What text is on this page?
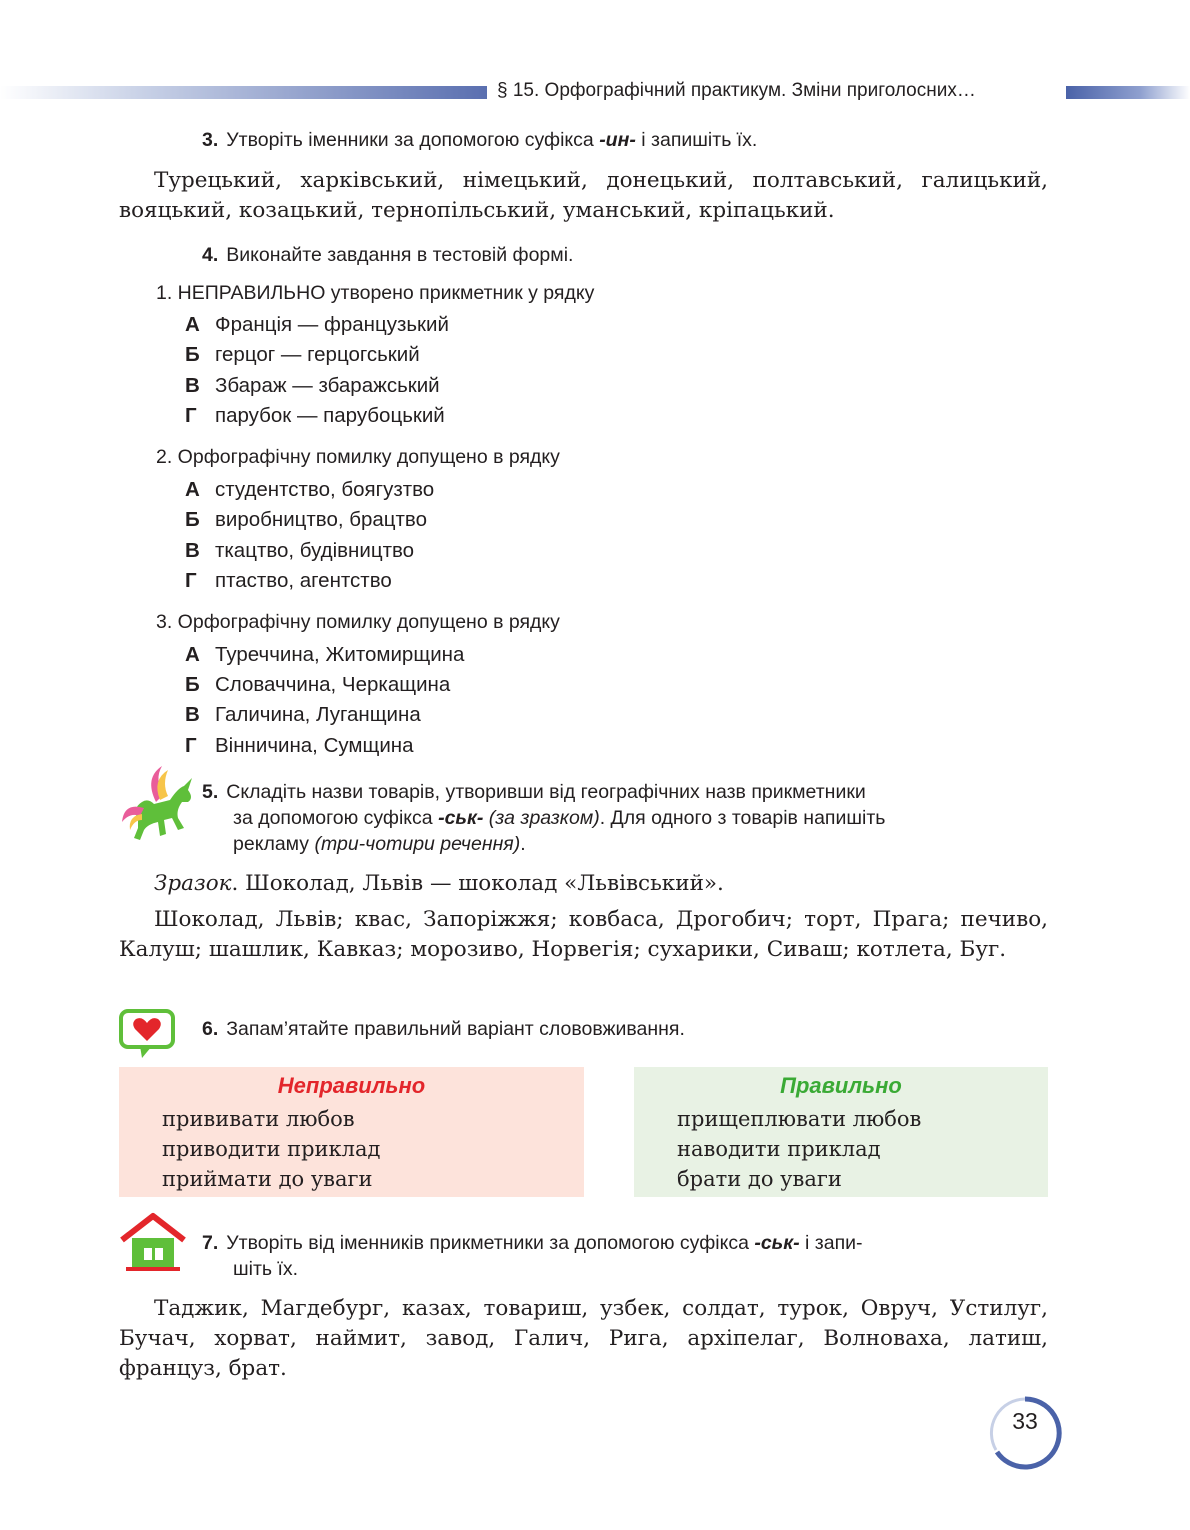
§ 15. Орфографічний практикум. Зміни приголосних…
3. Утворіть іменники за допомогою суфікса -ин- і запишіть їх.
Турецький, харківський, німецький, донецький, полтавський, галицький, вояцький, козацький, тернопільський, уманський, кріпацький.
4. Виконайте завдання в тестовій формі.
1. НЕПРАВИЛЬНО утворено прикметник у рядку
А Франція — французький
Б герцог — герцогський
В Збараж — збаражський
Г парубок — парубоцький
2. Орфографічну помилку допущено в рядку
А студентство, боягузтво
Б виробництво, брацтво
В ткацтво, будівництво
Г птаство, агентство
3. Орфографічну помилку допущено в рядку
А Туреччина, Житомирщина
Б Словаччина, Черкащина
В Галичина, Луганщина
Г Вінничина, Сумщина
5. Складіть назви товарів, утворивши від географічних назв прикметники
за допомогою суфікса -ськ- (за зразком). Для одного з товарів напишіть
рекламу (три-чотири речення).
Зразок. Шоколад, Львів — шоколад «Львівський».
Шоколад, Львів; квас, Запоріжжя; ковбаса, Дрогобич; торт, Прага; печиво, Калуш; шашлик, Кавказ; морозиво, Норвегія; сухарики, Сиваш; котлета, Буг.
6. Запам’ятайте правильний варіант слововживання.
Неправильно
прививати любов
приводити приклад
приймати до уваги
Правильно
прищеплювати любов
наводити приклад
брати до уваги
7. Утворіть від іменників прикметники за допомогою суфікса -ськ- і запи-
шіть їх.
Таджик, Магдебург, казах, товариш, узбек, солдат, турок, Овруч, Устилуг, Бучач, хорват, наймит, завод, Галич, Рига, архіпелаг, Волноваха, латиш, француз, брат.
33
